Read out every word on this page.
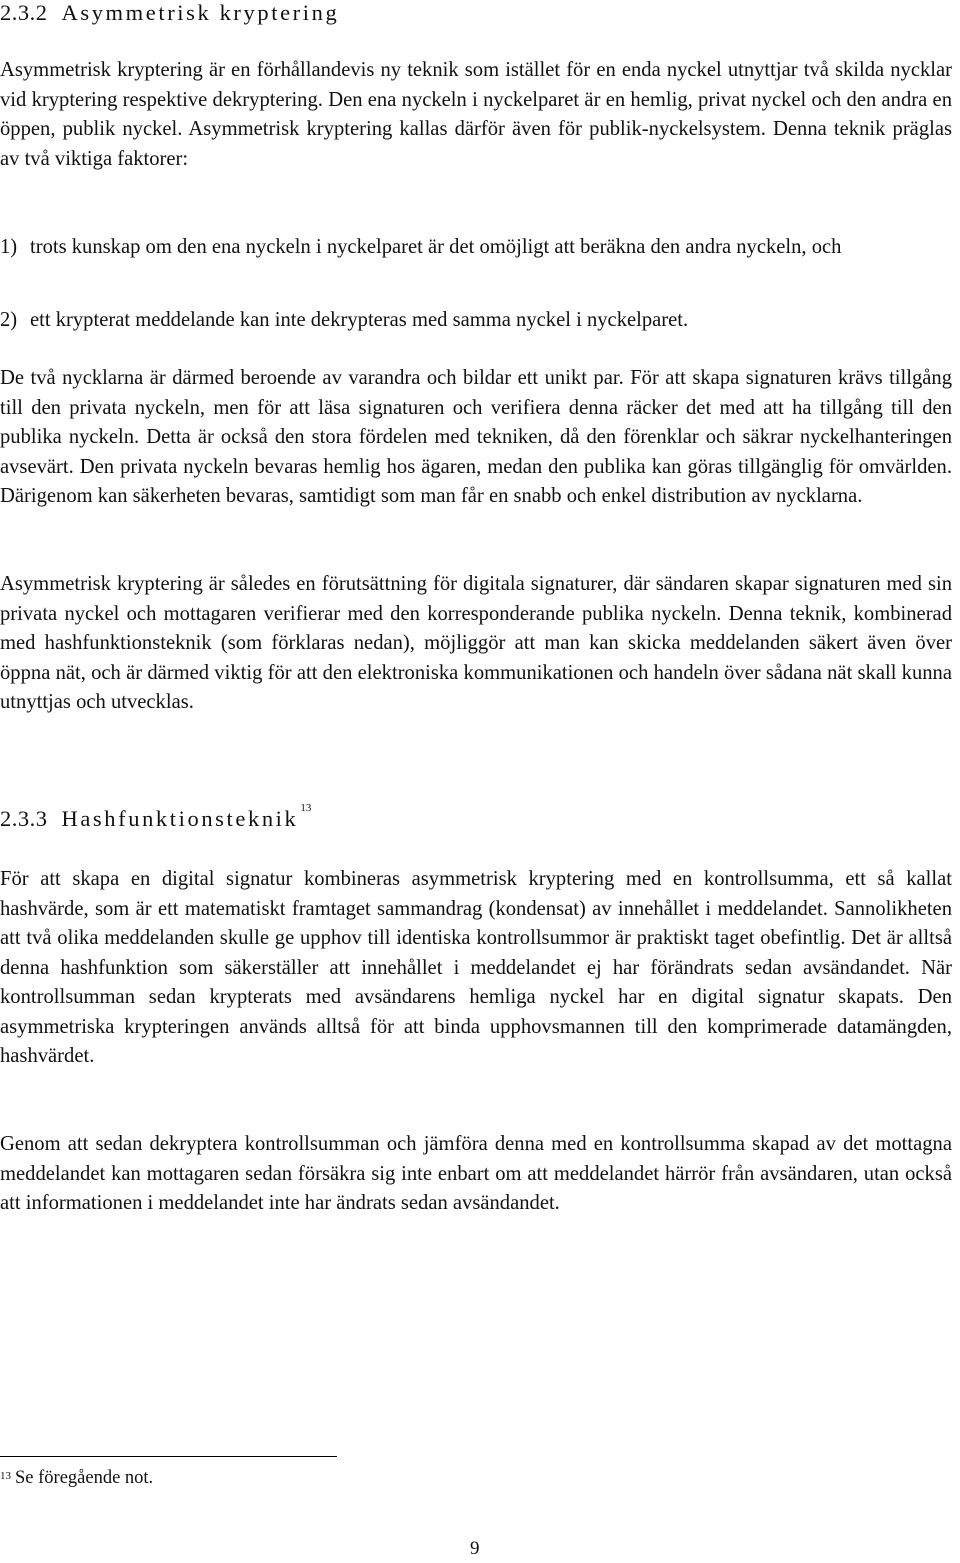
2.3.2 Asymmetrisk kryptering

Asymmetrisk kryptering är en förhållandevis ny teknik som istället för en enda nyckel utnyttjar två skilda nycklar vid kryptering respektive dekryptering. Den ena nyckeln i nyckelparet är en hemlig, privat nyckel och den andra en öppen, publik nyckel. Asymmetrisk kryptering kallas därför även för publik-nyckelsystem. Denna teknik präglas av två viktiga faktorer:

1) trots kunskap om den ena nyckeln i nyckelparet är det omöjligt att beräkna den andra nyckeln, och

2) ett krypterat meddelande kan inte dekrypteras med samma nyckel i nyckelparet.

De två nycklarna är därmed beroende av varandra och bildar ett unikt par. För att skapa signaturen krävs tillgång till den privata nyckeln, men för att läsa signaturen och verifiera denna räcker det med att ha tillgång till den publika nyckeln. Detta är också den stora fördelen med tekniken, då den förenklar och säkrar nyckelhanteringen avsevärt. Den privata nyckeln bevaras hemlig hos ägaren, medan den publika kan göras tillgänglig för omvärlden. Därigenom kan säkerheten bevaras, samtidigt som man får en snabb och enkel distribution av nycklarna.

Asymmetrisk kryptering är således en förutsättning för digitala signaturer, där sändaren skapar signaturen med sin privata nyckel och mottagaren verifierar med den korresponderande publika nyckeln. Denna teknik, kombinerad med hashfunktionsteknik (som förklaras nedan), möjliggör att man kan skicka meddelanden säkert även över öppna nät, och är därmed viktig för att den elektroniska kommunikationen och handeln över sådana nät skall kunna utnyttjas och utvecklas.

2.3.3 Hashfunktionsteknik $^{13}$

För att skapa en digital signatur kombineras asymmetrisk kryptering med en kontrollsumma, ett så kallat hashvärde, som är ett matematiskt framtaget sammandrag (kondensat) av innehållet i meddelandet. Sannolikheten att två olika meddelanden skulle ge upphov till identiska kontrollsummor är praktiskt taget obefintlig. Det är alltså denna hashfunktion som säkerställer att innehållet i meddelandet ej har förändrats sedan avsändandet. När kontrollsumman sedan krypterats med avsändarens hemliga nyckel har en digital signatur skapats. Den asymmetriska krypteringen används alltså för att binda upphovsmannen till den komprimerade datamängden, hashvärdet.

Genom att sedan dekryptera kontrollsumman och jämföra denna med en kontrollsumma skapad av det mottagna meddelandet kan mottagaren sedan försäkra sig inte enbart om att meddelandet härrör från avsändaren, utan också att informationen i meddelandet inte har ändrats sedan avsändandet.

$^{13}$ Se föregående not.

9
